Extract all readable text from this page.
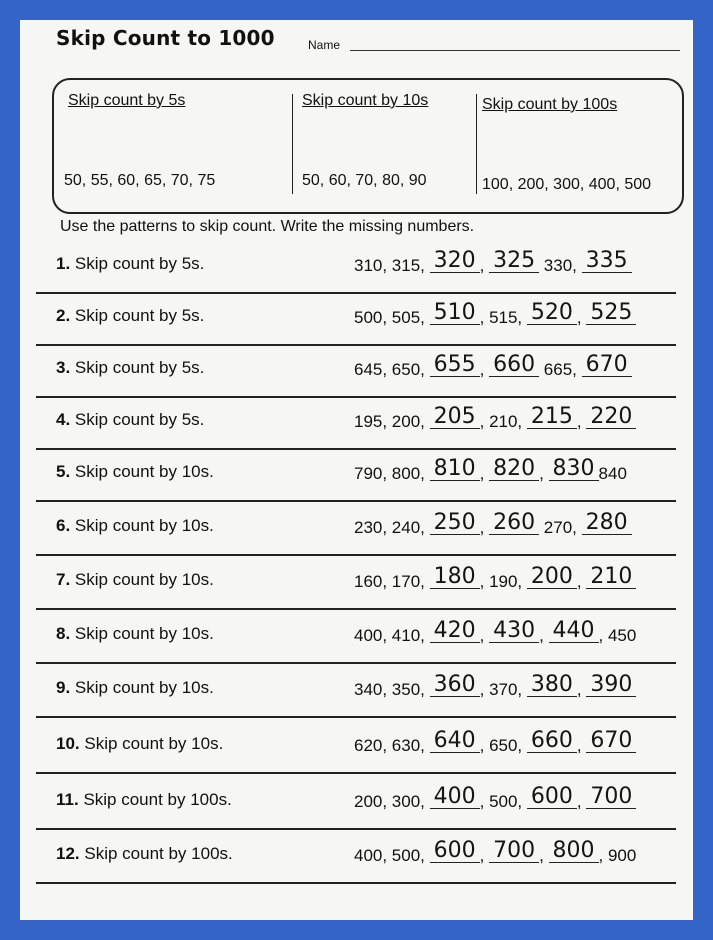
Skip Count to 1000	Name
Skip count by 5s
50, 55, 60, 65, 70, 75
Skip count by 10s
50, 60, 70, 80, 90
Skip count by 100s
100, 200, 300, 400, 500
Use the patterns to skip count. Write the missing numbers.
1. Skip count by 5s.	310, 315, 320 , 325 330, 335
2. Skip count by 5s.	500, 505, 510 , 515, 520 , 525
3. Skip count by 5s.	645, 650, 655 , 660 665, 670
4. Skip count by 5s.	195, 200, 205 , 210, 215 , 220
5. Skip count by 10s.	790, 800, 810 , 820 , 830 840
6. Skip count by 10s.	230, 240, 250 , 260 270, 280
7. Skip count by 10s.	160, 170, 180 , 190, 200 , 210
8. Skip count by 10s.	400, 410, 420 , 430 , 440 , 450
9. Skip count by 10s.	340, 350, 360 , 370, 380 , 390
10. Skip count by 10s.	620, 630, 640 , 650, 660 , 670
11. Skip count by 100s.	200, 300, 400 , 500, 600 , 700
12. Skip count by 100s.	400, 500, 600 , 700 , 800 , 900
